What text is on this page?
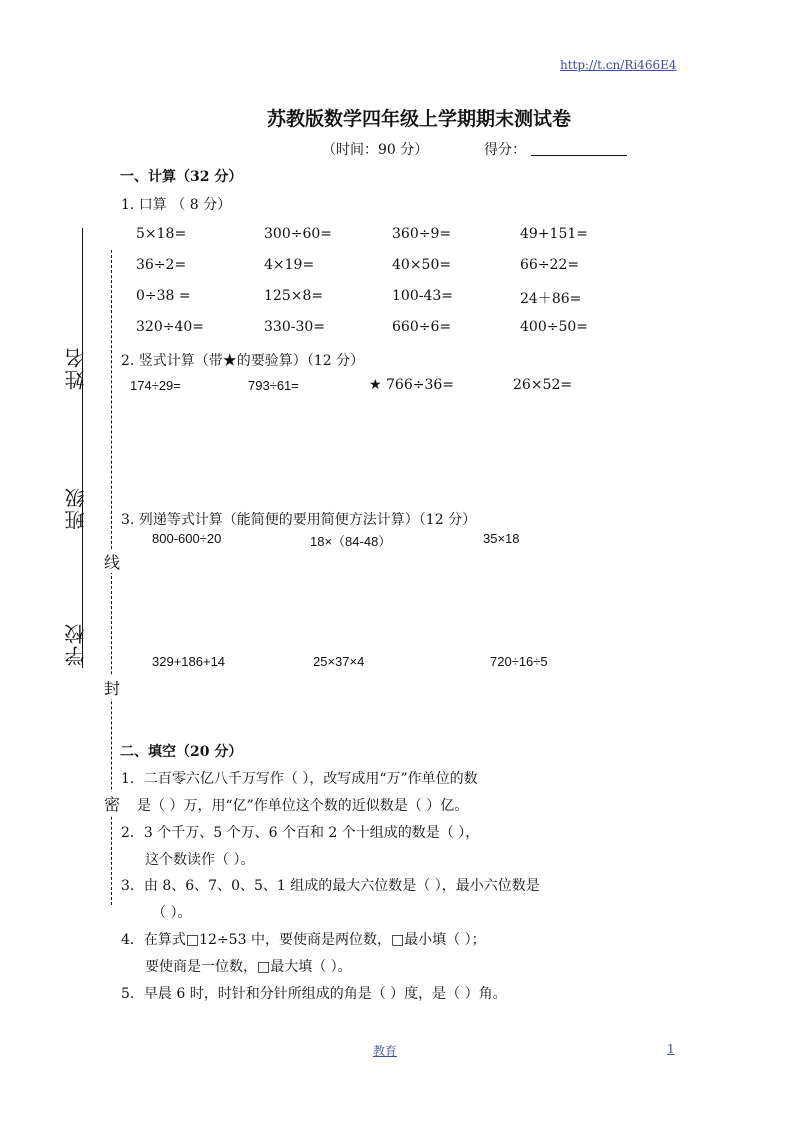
http://t.cn/Ri466E4
苏教版数学四年级上学期期末测试卷
（时间：90 分）	得分：
姓名
班级
学校
线
封
密
一、计算（32 分）
1. 口算 （ 8 分）
5×18=	300÷60=	360÷9=	49+151=
36÷2=	4×19=	40×50=	66÷22=
0÷38 =	125×8=	100-43=	24＋86=
320÷40=	330-30=	660÷6=	400÷50=
2. 竖式计算（带★的要验算）（12 分）
174÷29=	793÷61=	★ 766÷36=	26×52=
3. 列递等式计算（能简便的要用简便方法计算）（12 分）
800-600÷20	18×（84-48）	35×18
329+186+14	25×37×4	720÷16÷5
二、填空（20 分）
1．二百零六亿八千万写作（ ），改写成用“万”作单位的数
是（ ）万，用“亿”作单位这个数的近似数是（ ）亿。
2．3 个千万、5 个万、6 个百和 2 个十组成的数是（ ），
这个数读作（ ）。
3．由 8、6、7、0、5、1 组成的最大六位数是（ ），最小六位数是
（ ）。
4．在算式□12÷53 中，要使商是两位数，□最小填（ ）；
要使商是一位数，□最大填（ ）。
5．早晨 6 时，时针和分针所组成的角是（ ）度，是（ ）角。
教育	1
